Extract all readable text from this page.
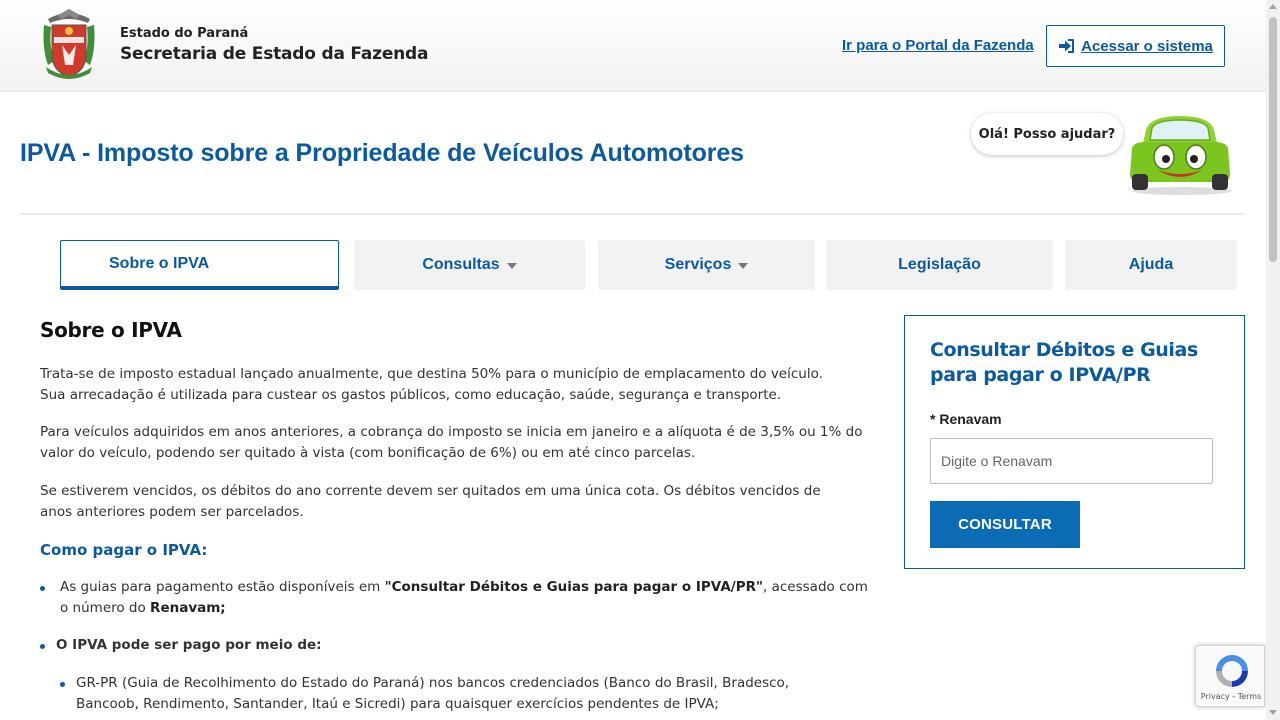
Estado do Paraná
Secretaria de Estado da Fazenda	Ir para o Portal da Fazenda	Acessar o sistema
IPVA - Imposto sobre a Propriedade de Veículos Automotores
Olá! Posso ajudar?
Sobre o IPVA	Consultas	Serviços	Legislação	Ajuda
Sobre o IPVA

Trata-se de imposto estadual lançado anualmente, que destina 50% para o município de emplacamento do veículo. Sua arrecadação é utilizada para custear os gastos públicos, como educação, saúde, segurança e transporte.

Para veículos adquiridos em anos anteriores, a cobrança do imposto se inicia em janeiro e a alíquota é de 3,5% ou 1% do valor do veículo, podendo ser quitado à vista (com bonificação de 6%) ou em até cinco parcelas.

Se estiverem vencidos, os débitos do ano corrente devem ser quitados em uma única cota. Os débitos vencidos de anos anteriores podem ser parcelados.

Como pagar o IPVA:
As guias para pagamento estão disponíveis em "Consultar Débitos e Guias para pagar o IPVA/PR", acessado com o número do Renavam;
O IPVA pode ser pago por meio de:
GR-PR (Guia de Recolhimento do Estado do Paraná) nos bancos credenciados (Banco do Brasil, Bradesco, Bancoob, Rendimento, Santander, Itaú e Sicredi) para quaisquer exercícios pendentes de IPVA;
Consultar Débitos e Guias para pagar o IPVA/PR
* Renavam
Digite o Renavam
CONSULTAR
Privacy - Terms
